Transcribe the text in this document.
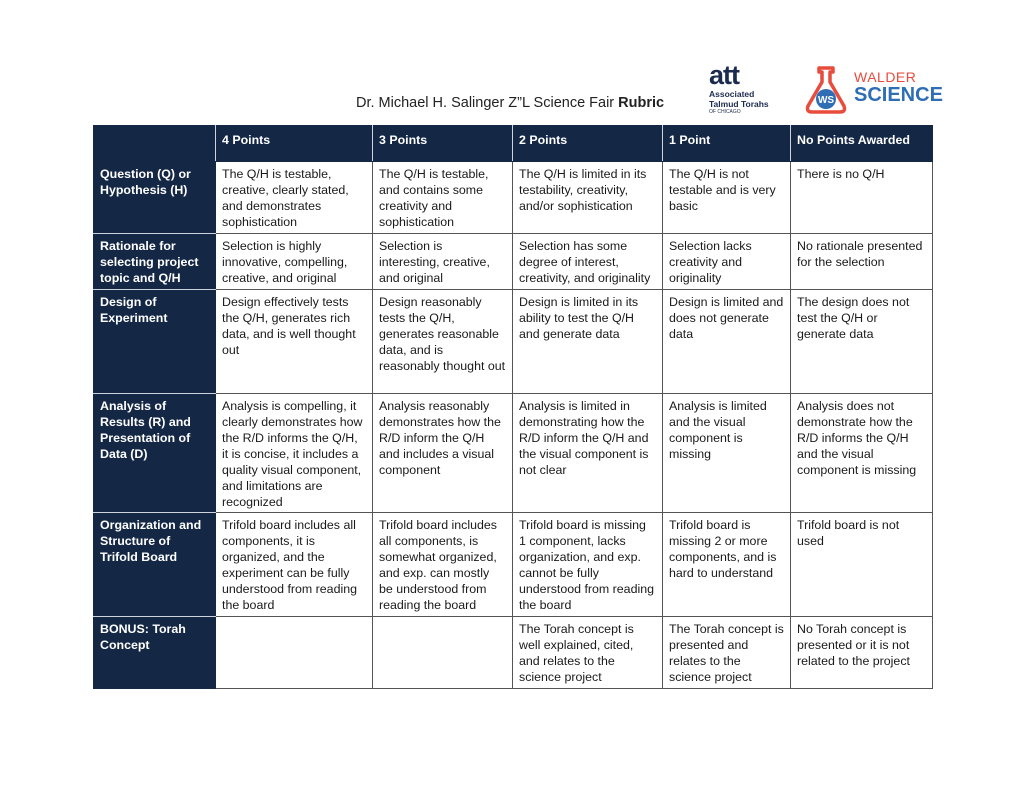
Dr. Michael H. Salinger Z”L Science Fair Rubric
att
Associated
Talmud Torahs
OF CHICAGO
WS
WALDER
SCIENCE
	4 Points	3 Points	2 Points	1 Point	No Points Awarded
Question (Q) or Hypothesis (H)	The Q/H is testable, creative, clearly stated, and demonstrates sophistication	The Q/H is testable, and contains some creativity and sophistication	The Q/H is limited in its testability, creativity, and/or sophistication	The Q/H is not testable and is very basic	There is no Q/H
Rationale for selecting project topic and Q/H	Selection is highly innovative, compelling, creative, and original	Selection is interesting, creative, and original	Selection has some degree of interest, creativity, and originality	Selection lacks creativity and originality	No rationale presented for the selection
Design of Experiment	Design effectively tests the Q/H, generates rich data, and is well thought out	Design reasonably tests the Q/H, generates reasonable data, and is reasonably thought out	Design is limited in its ability to test the Q/H and generate data	Design is limited and does not generate data	The design does not test the Q/H or generate data
Analysis of Results (R) and Presentation of Data (D)	Analysis is compelling, it clearly demonstrates how the R/D informs the Q/H, it is concise, it includes a quality visual component, and limitations are recognized	Analysis reasonably demonstrates how the R/D inform the Q/H and includes a visual component	Analysis is limited in demonstrating how the R/D inform the Q/H and the visual component is not clear	Analysis is limited and the visual component is missing	Analysis does not demonstrate how the R/D informs the Q/H and the visual component is missing
Organization and Structure of Trifold Board	Trifold board includes all components, it is organized, and the experiment can be fully understood from reading the board	Trifold board includes all components, is somewhat organized, and exp. can mostly be understood from reading the board	Trifold board is missing 1 component, lacks organization, and exp. cannot be fully understood from reading the board	Trifold board is missing 2 or more components, and is hard to understand	Trifold board is not used
BONUS: Torah Concept			The Torah concept is well explained, cited, and relates to the science project	The Torah concept is presented and relates to the science project	No Torah concept is presented or it is not related to the project
